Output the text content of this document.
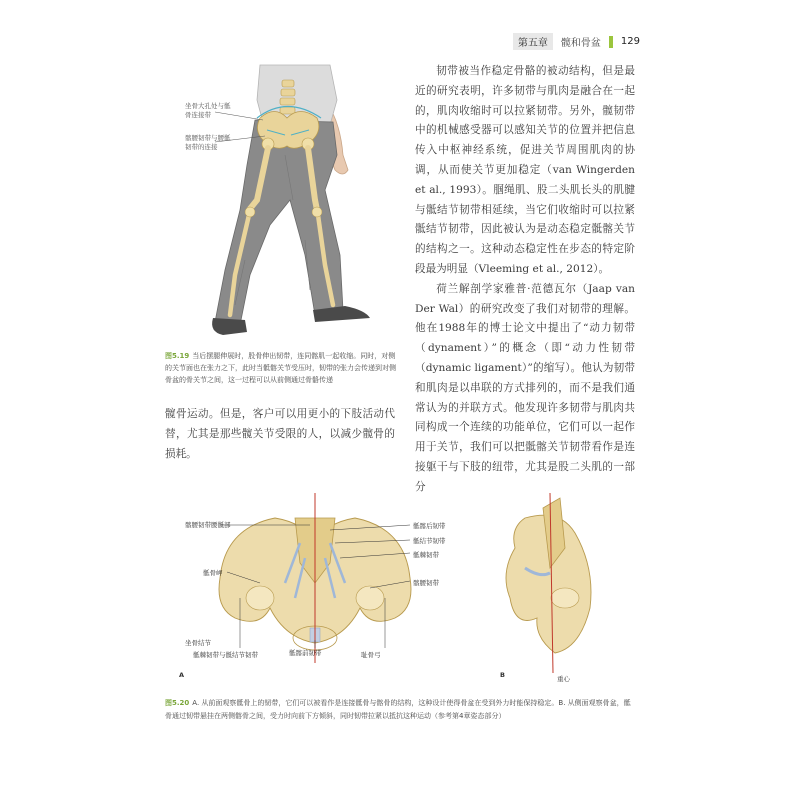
第五章	髋和骨盆 129
坐骨大孔处与骶骨连接带
髂腰韧带与腰骶韧带的连接

韧带被当作稳定骨骼的被动结构，但是最近的研究表明，许多韧带与肌肉是融合在一起的，肌肉收缩时可以拉紧韧带。另外，髋韧带中的机械感受器可以感知关节的位置并把信息传入中枢神经系统，促进关节周围肌肉的协调，从而使关节更加稳定（van Wingerden et al., 1993）。腘绳肌、股二头肌长头的肌腱与骶结节韧带相延续，当它们收缩时可以拉紧骶结节韧带，因此被认为是动态稳定骶髂关节的结构之一。这种动态稳定性在步态的特定阶段最为明显（Vleeming et al., 2012）。

荷兰解剖学家雅普·范德瓦尔（Jaap van Der Wal）的研究改变了我们对韧带的理解。他在1988年的博士论文中提出了“动力韧带（dynament）”的概念（即“动力性韧带（dynamic ligament）”的缩写）。他认为韧带和肌肉是以串联的方式排列的，而不是我们通常认为的并联方式。他发现许多韧带与肌肉共同构成一个连续的功能单位，它们可以一起作用于关节，我们可以把骶髂关节韧带看作是连接躯干与下肢的纽带，尤其是股二头肌的一部分

图5.19 当后摆腿伸展时，股骨伸出韧带，连同髂肌一起收缩。同时，对侧的关节面也在张力之下，此时当骶髂关节受压时，韧带的张力会传递到对侧骨盆的骨关节之间，这一过程可以从前侧通过骨骼传递

髋骨运动。但是，客户可以用更小的下肢活动代替，尤其是那些髋关节受限的人，以减少髋骨的损耗。

髂腰韧带腰骶部
骶骨岬
坐骨结节
骶棘韧带与骶结节韧带	骶髂前韧带	耻骨弓
骶髂后韧带
骶结节韧带
骶棘韧带
髂腰韧带
A	B	重心
图5.20 A. 从前面观察骶骨上的韧带，它们可以被看作是连接骶骨与髂骨的结构，这种设计使得骨盆在受到外力时能保持稳定。B. 从侧面观察骨盆，骶骨通过韧带悬挂在两侧髂骨之间，受力时向前下方倾斜，同时韧带拉紧以抵抗这种运动（参考第4章姿态部分）
